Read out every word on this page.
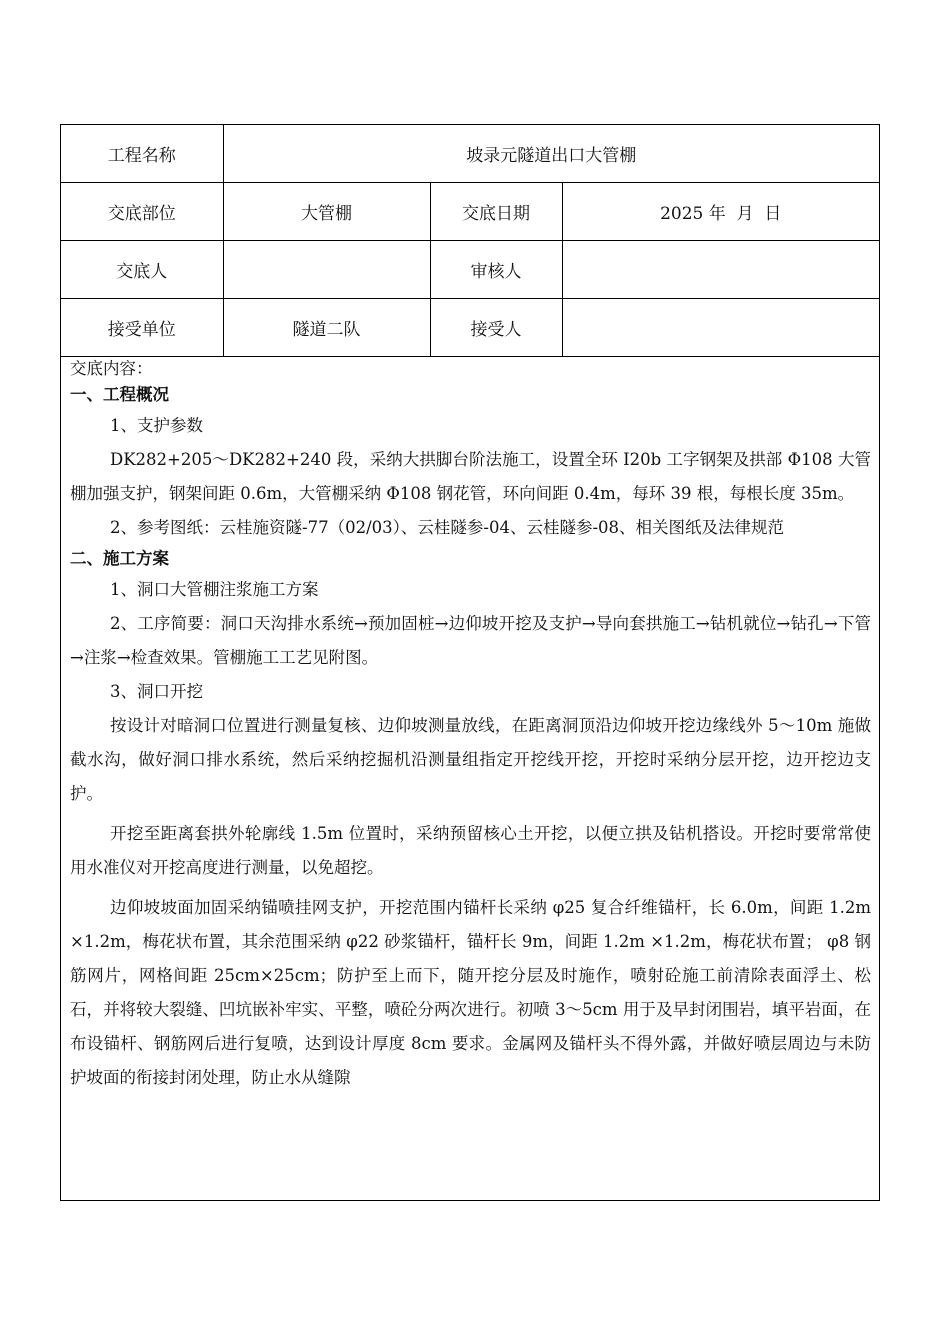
工程名称	坡录元隧道出口大管棚		
交底部位	大管棚	交底日期	2025 年  月  日
交底人		审核人	
接受单位	隧道二队	接受人	

交底内容：

一、工程概况

1、支护参数

DK282+205～DK282+240 段，采纳大拱脚台阶法施工，设置全环 I20b 工字钢架及拱部 Φ108 大管棚加强支护，钢架间距 0.6m，大管棚采纳 Φ108 钢花管，环向间距 0.4m，每环 39 根，每根长度 35m。

2、参考图纸：云桂施资隧-77（02/03）、云桂隧参-04、云桂隧参-08、相关图纸及法律规范

二、施工方案

1、洞口大管棚注浆施工方案

2、工序简要：洞口天沟排水系统→预加固桩→边仰坡开挖及支护→导向套拱施工→钻机就位→钻孔→下管→注浆→检查效果。管棚施工工艺见附图。

3、洞口开挖

按设计对暗洞口位置进行测量复核、边仰坡测量放线，在距离洞顶沿边仰坡开挖边缘线外 5～10m 施做截水沟，做好洞口排水系统，然后采纳挖掘机沿测量组指定开挖线开挖，开挖时采纳分层开挖，边开挖边支护。

开挖至距离套拱外轮廓线 1.5m 位置时，采纳预留核心土开挖，以便立拱及钻机搭设。开挖时要常常使用水准仪对开挖高度进行测量，以免超挖。

边仰坡坡面加固采纳锚喷挂网支护，开挖范围内锚杆长采纳 φ25 复合纤维锚杆，长 6.0m，间距 1.2m ×1.2m，梅花状布置，其余范围采纳 φ22 砂浆锚杆，锚杆长 9m，间距 1.2m ×1.2m，梅花状布置； φ8 钢筋网片，网格间距 25cm×25cm；防护至上而下，随开挖分层及时施作，喷射砼施工前清除表面浮土、松石，并将较大裂缝、凹坑嵌补牢实、平整，喷砼分两次进行。初喷 3～5cm 用于及早封闭围岩，填平岩面，在布设锚杆、钢筋网后进行复喷，达到设计厚度 8cm 要求。金属网及锚杆头不得外露，并做好喷层周边与未防护坡面的衔接封闭处理，防止水从缝隙
